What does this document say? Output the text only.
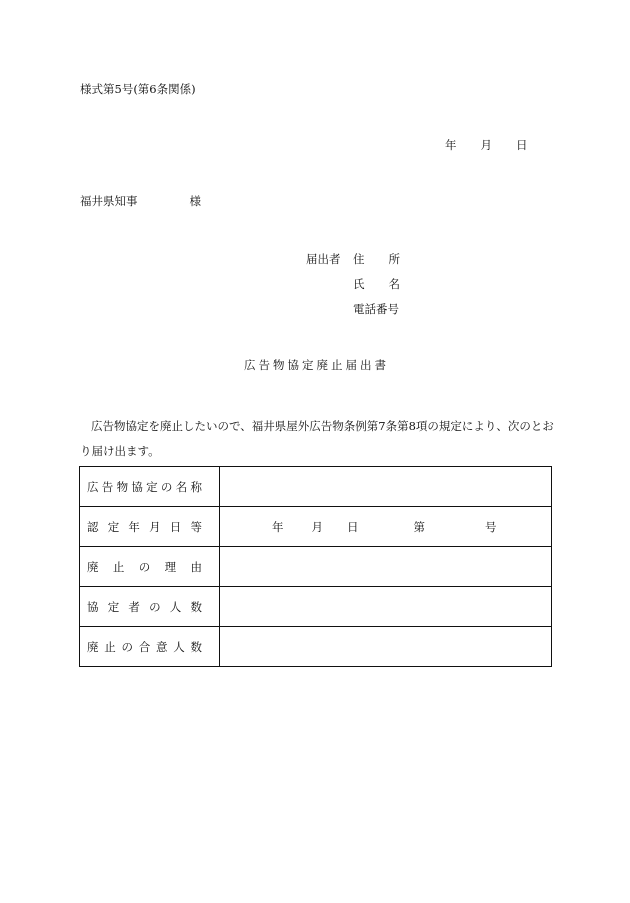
様式第5号(第6条関係)
年 月 日
福井県知事	様
届出者 住　所
氏　名
電話番号
広告物協定廃止届出書
広告物協定を廃止したいので、福井県屋外広告物条例第7条第8項の規定により、次のとおり届け出ます。
広告物協定の名称	

認定年月日等	年 月 日 第 号

廃止の理由	

協定者の人数	

廃止の合意人数	
